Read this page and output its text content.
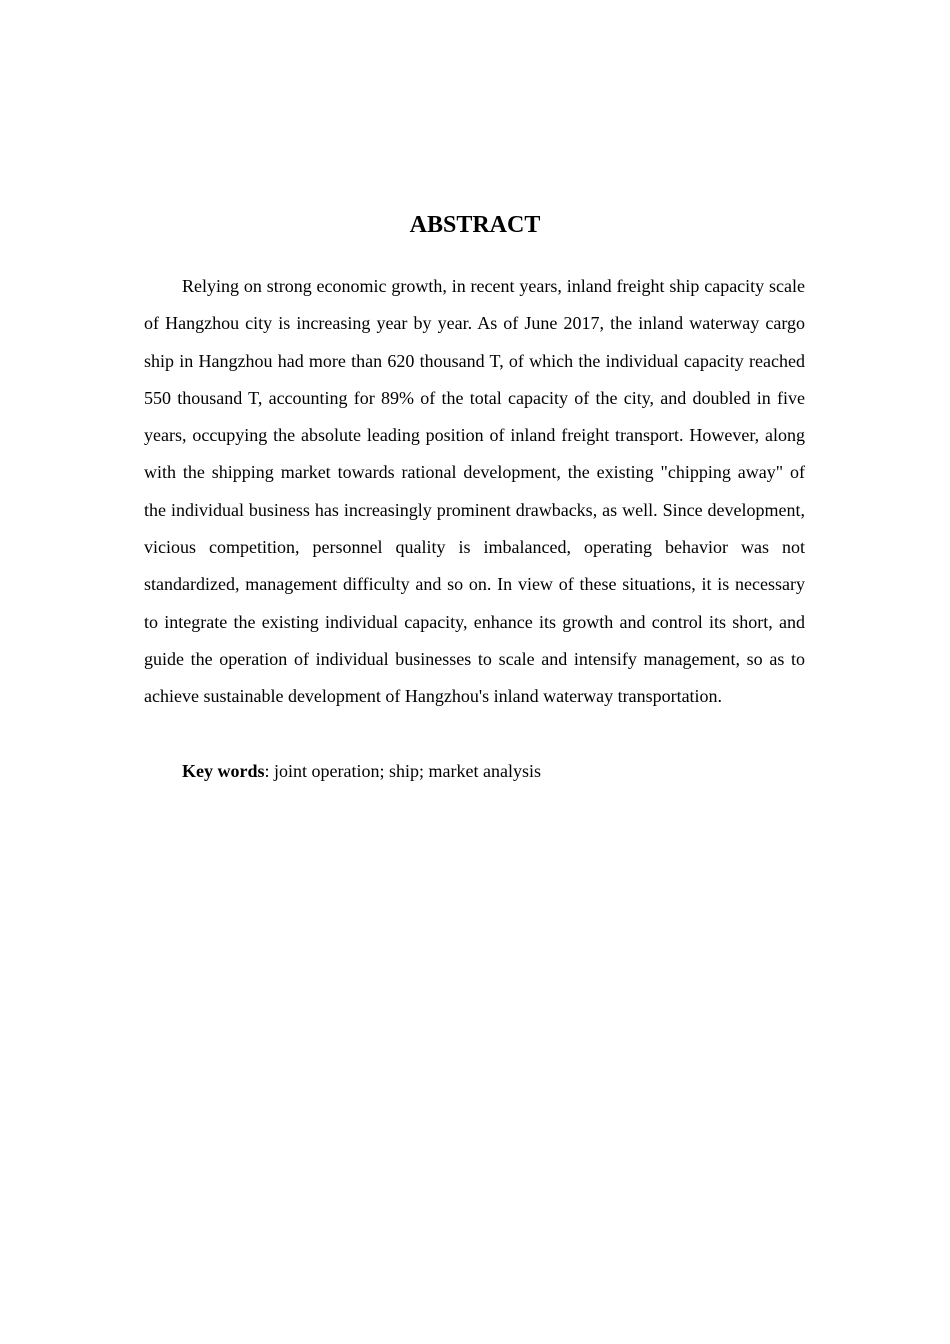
ABSTRACT

Relying on strong economic growth, in recent years, inland freight ship capacity scale of Hangzhou city is increasing year by year. As of June 2017, the inland waterway cargo ship in Hangzhou had more than 620 thousand T, of which the individual capacity reached 550 thousand T, accounting for 89% of the total capacity of the city, and doubled in five years, occupying the absolute leading position of inland freight transport. However, along with the shipping market towards rational development, the existing "chipping away" of the individual business has increasingly prominent drawbacks, as well. Since development, vicious competition, personnel quality is imbalanced, operating behavior was not standardized, management difficulty and so on. In view of these situations, it is necessary to integrate the existing individual capacity, enhance its growth and control its short, and guide the operation of individual businesses to scale and intensify management, so as to achieve sustainable development of Hangzhou's inland waterway transportation.

Key words: joint operation; ship; market analysis
